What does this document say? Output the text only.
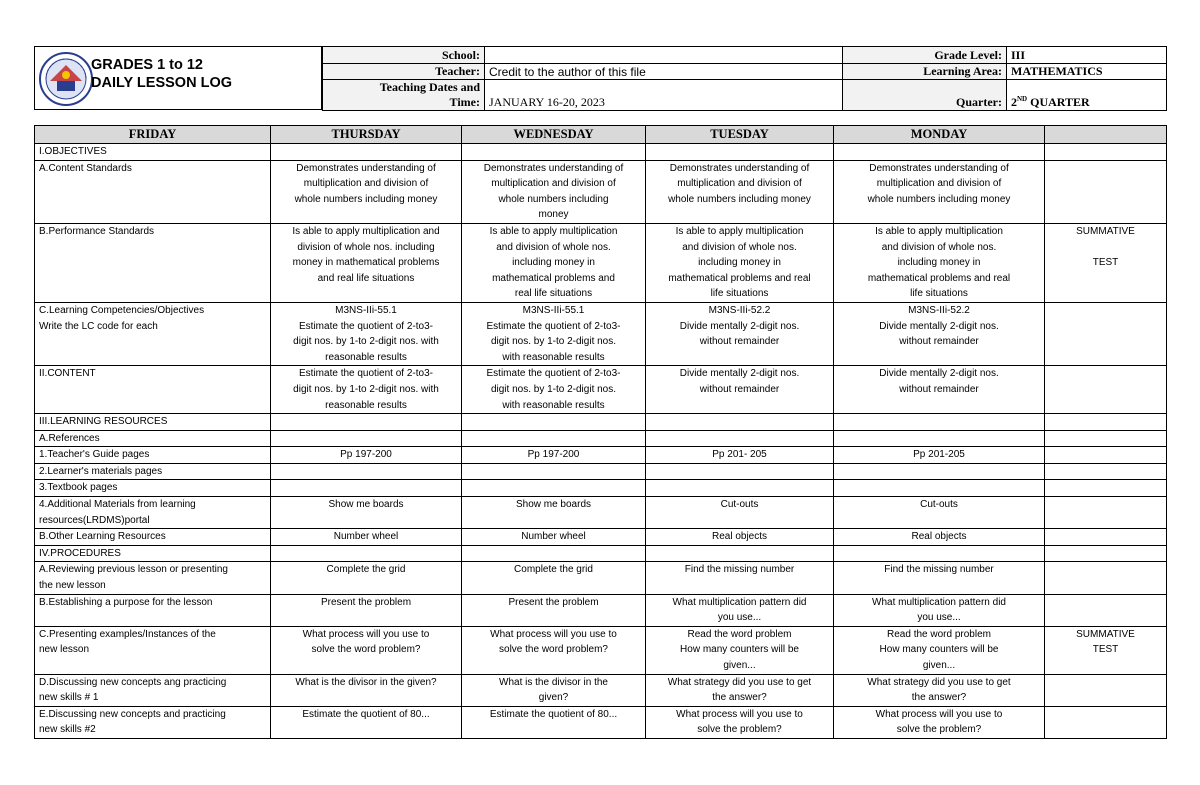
GRADES 1 to 12
DAILY LESSON LOG
School:		Grade Level:	III
Teacher:	Credit to the author of this file	Learning Area:	MATHEMATICS

Teaching Dates and
Time:	JANUARY 16-20, 2023	Quarter:	2ND QUARTER
FRIDAY	THURSDAY	WEDNESDAY	TUESDAY	MONDAY	

I.OBJECTIVES					

A.Content Standards	Demonstrates understanding of
multiplication and division of
whole numbers including money	Demonstrates understanding of
multiplication and division of
whole numbers including
money	Demonstrates understanding of
multiplication and division of
whole numbers including money	Demonstrates understanding of
multiplication and division of
whole numbers including money	

B.Performance Standards	Is able to apply multiplication and
division of whole nos. including
money in mathematical problems
and real life situations	Is able to apply multiplication
and division of whole nos.
including money in
mathematical problems and
real life situations	Is able to apply multiplication
and division of whole nos.
including money in
mathematical problems and real
life situations	Is able to apply multiplication
and division of whole nos.
including money in
mathematical problems and real
life situations	SUMMATIVE

TEST

C.Learning Competencies/Objectives
Write the LC code for each	M3NS-IIi-55.1
Estimate the quotient of 2-to3-
digit nos. by 1-to 2-digit nos. with
reasonable results	M3NS-IIi-55.1
Estimate the quotient of 2-to3-
digit nos. by 1-to 2-digit nos.
with reasonable results	M3NS-IIi-52.2
Divide mentally 2-digit nos.
without remainder	M3NS-IIi-52.2
Divide mentally 2-digit nos.
without remainder	

II.CONTENT	Estimate the quotient of 2-to3-
digit nos. by 1-to 2-digit nos. with
reasonable results	Estimate the quotient of 2-to3-
digit nos. by 1-to 2-digit nos.
with reasonable results	Divide mentally 2-digit nos.
without remainder	Divide mentally 2-digit nos.
without remainder	

III.LEARNING RESOURCES					

A.References					

1.Teacher's Guide pages	Pp 197-200	Pp 197-200	Pp 201- 205	Pp 201-205	

2.Learner's materials pages					

3.Textbook pages					

4.Additional Materials from learning
resources(LRDMS)portal	Show me boards	Show me boards	Cut-outs	Cut-outs	

B.Other Learning Resources	Number wheel	Number wheel	Real objects	Real objects	

IV.PROCEDURES					

A.Reviewing previous lesson or presenting
the new lesson	Complete the grid	Complete the grid	Find the missing number	Find the missing number	

B.Establishing a purpose for the lesson	Present the problem	Present the problem	What multiplication pattern did
you use...	What multiplication pattern did
you use...	

C.Presenting examples/Instances of the
new lesson	What process will you use to
solve the word problem?	What process will you use to
solve the word problem?	Read the word problem
How many counters will be
given...	Read the word problem
How many counters will be
given...	SUMMATIVE
TEST

D.Discussing new concepts ang practicing
new skills # 1	What is the divisor in the given?	What is the divisor in the
given?	What strategy did you use to get
the answer?	What strategy did you use to get
the answer?	

E.Discussing new concepts and practicing
new skills #2	Estimate the quotient of 80...	Estimate the quotient of 80...	What process will you use to
solve the problem?	What process will you use to
solve the problem?	
